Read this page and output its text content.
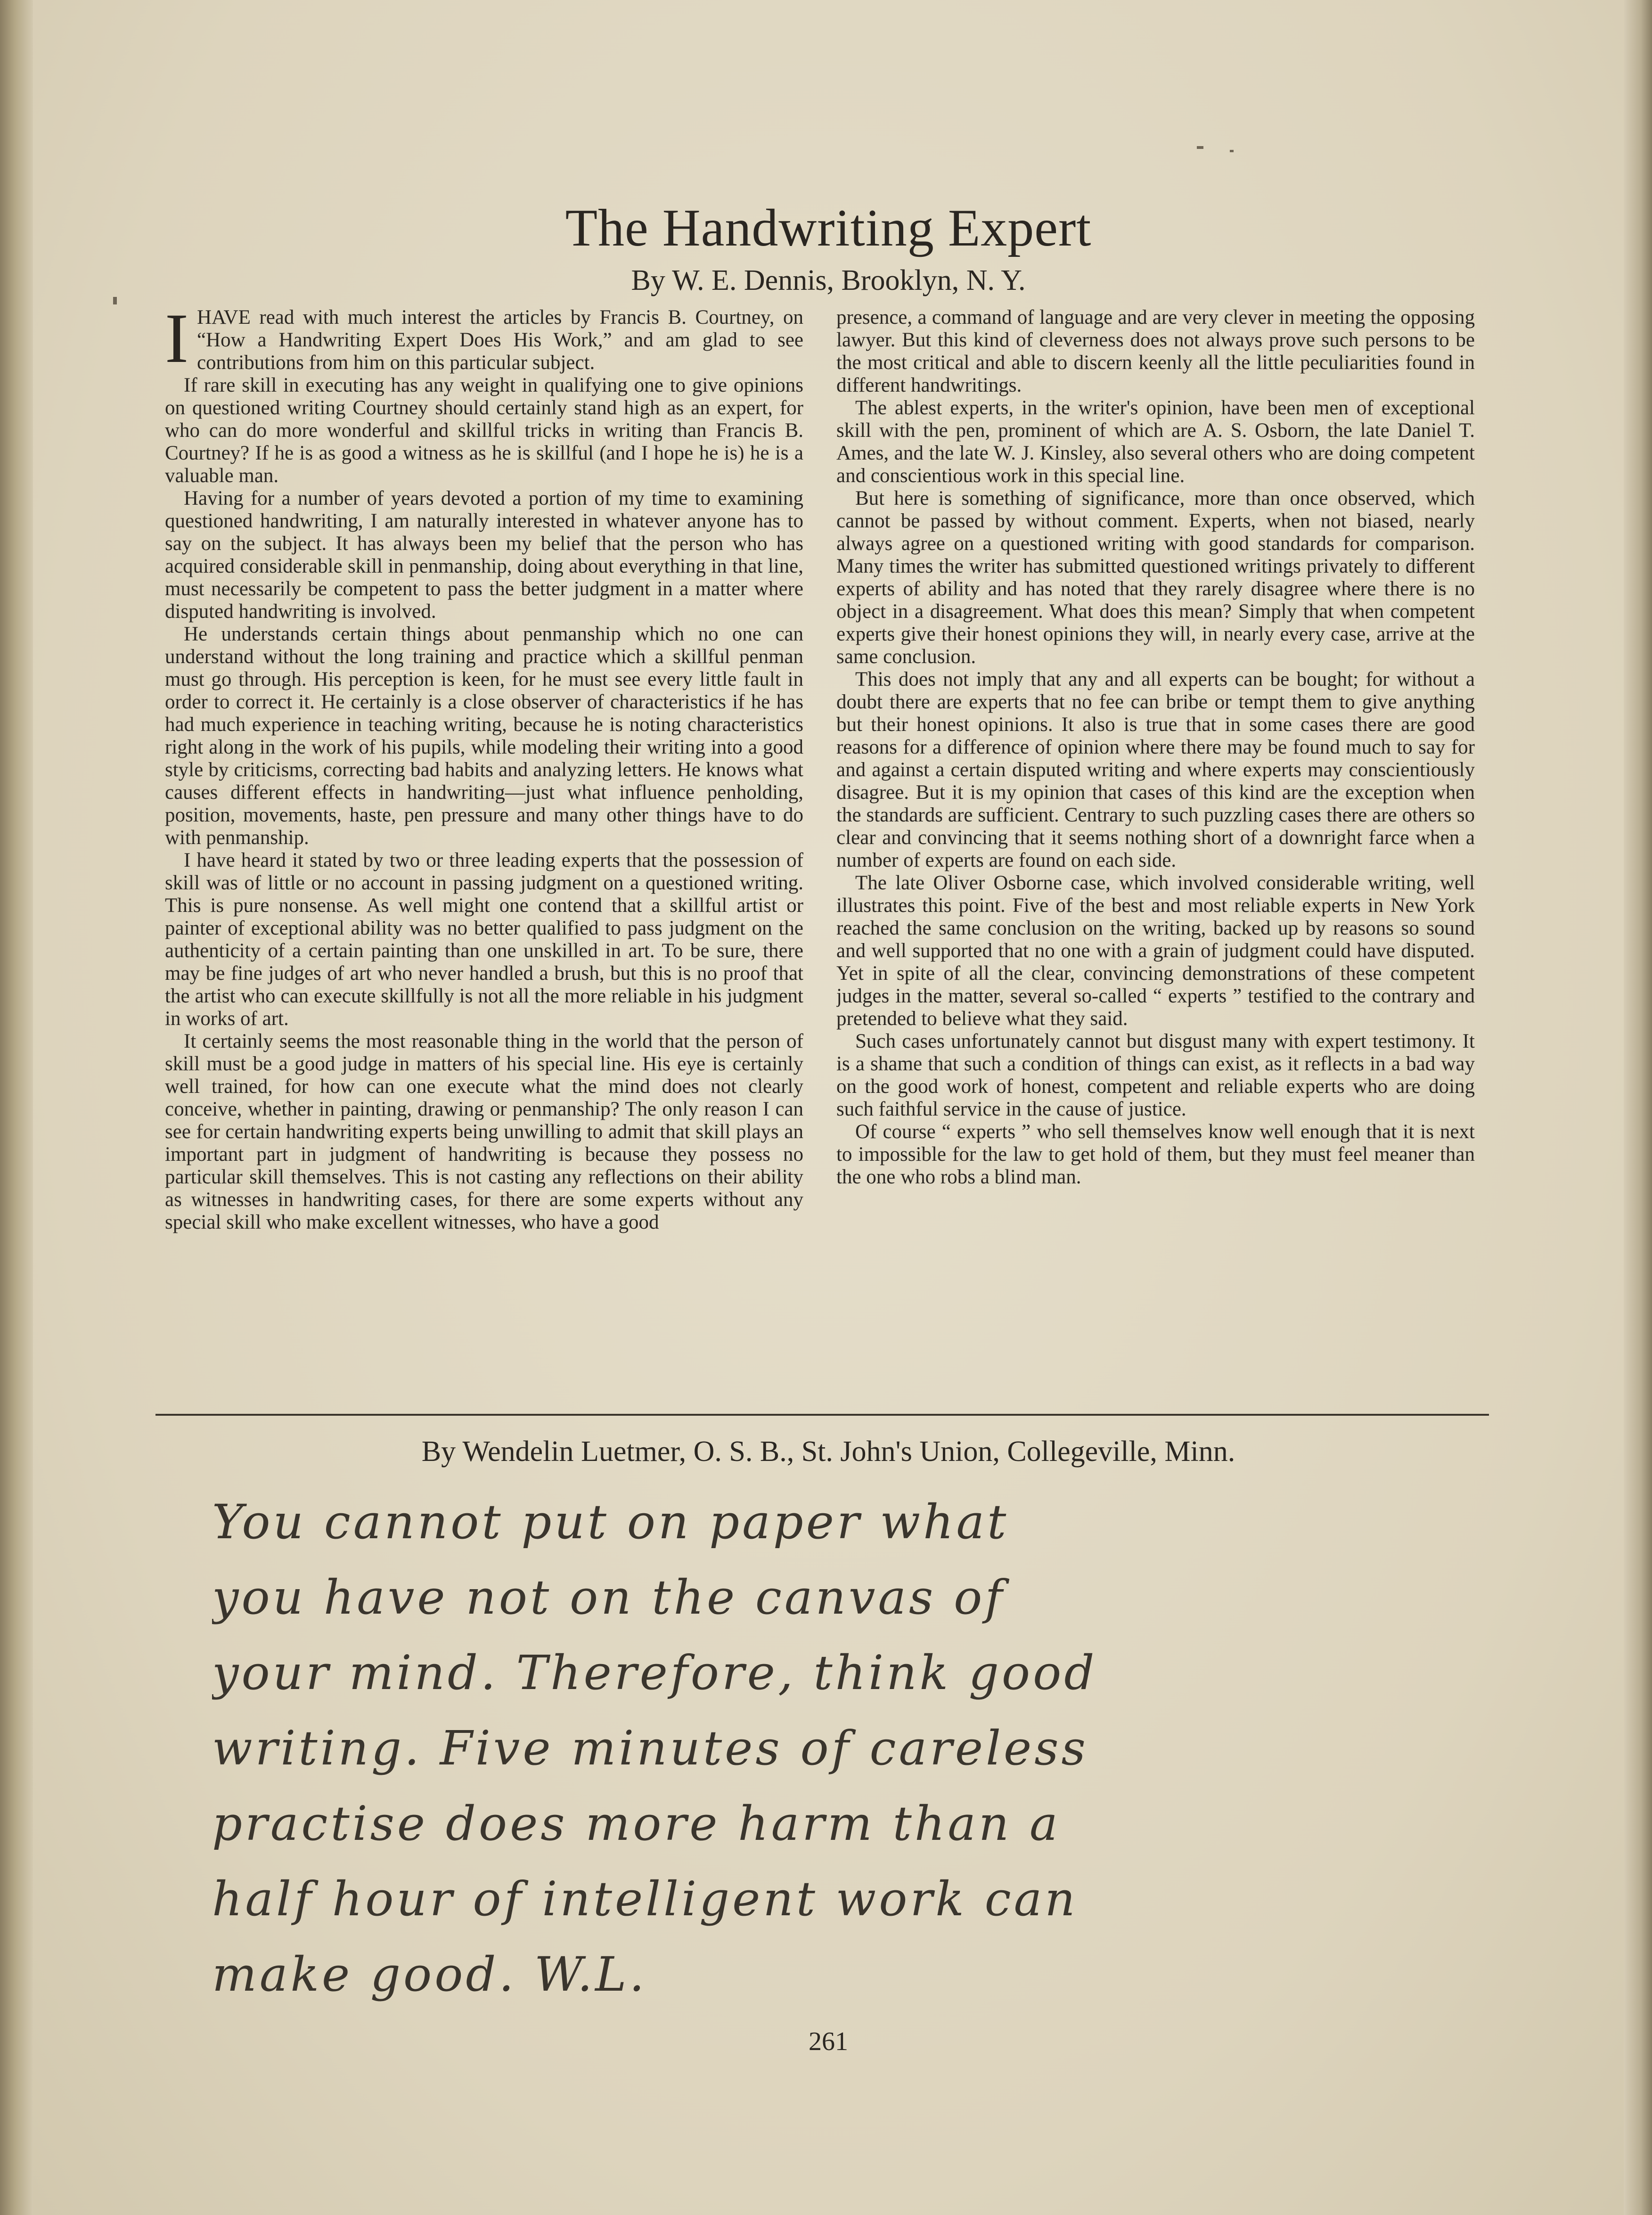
The Handwriting Expert
By W. E. Dennis, Brooklyn, N. Y.

IHAVE read with much interest the articles by Francis B. Courtney, on “How a Handwriting Expert Does His Work,” and am glad to see contributions from him on this particular subject.

If rare skill in executing has any weight in qualifying one to give opinions on questioned writing Courtney should certainly stand high as an expert, for who can do more wonderful and skillful tricks in writing than Francis B. Courtney? If he is as good a witness as he is skillful (and I hope he is) he is a valuable man.

Having for a number of years devoted a portion of my time to examining questioned handwriting, I am naturally interested in whatever anyone has to say on the subject. It has always been my belief that the person who has acquired considerable skill in penmanship, doing about everything in that line, must necessarily be competent to pass the better judgment in a matter where disputed handwriting is involved.

He understands certain things about penmanship which no one can understand without the long training and practice which a skillful penman must go through. His perception is keen, for he must see every little fault in order to correct it. He certainly is a close observer of characteristics if he has had much experience in teaching writing, because he is noting characteristics right along in the work of his pupils, while modeling their writing into a good style by criticisms, correcting bad habits and analyzing letters. He knows what causes different effects in handwriting—just what influence penholding, position, movements, haste, pen pressure and many other things have to do with penmanship.

I have heard it stated by two or three leading experts that the possession of skill was of little or no account in passing judgment on a questioned writing. This is pure nonsense. As well might one contend that a skillful artist or painter of exceptional ability was no better qualified to pass judgment on the authenticity of a certain painting than one unskilled in art. To be sure, there may be fine judges of art who never handled a brush, but this is no proof that the artist who can execute skillfully is not all the more reliable in his judgment in works of art.

It certainly seems the most reasonable thing in the world that the person of skill must be a good judge in matters of his special line. His eye is certainly well trained, for how can one execute what the mind does not clearly conceive, whether in painting, drawing or penmanship? The only reason I can see for certain handwriting experts being unwilling to admit that skill plays an important part in judgment of handwriting is because they possess no particular skill themselves. This is not casting any reflections on their ability as witnesses in handwriting cases, for there are some experts without any special skill who make excellent witnesses, who have a good

presence, a command of language and are very clever in meeting the opposing lawyer. But this kind of cleverness does not always prove such persons to be the most critical and able to discern keenly all the little peculiarities found in different handwritings.

The ablest experts, in the writer's opinion, have been men of exceptional skill with the pen, prominent of which are A. S. Osborn, the late Daniel T. Ames, and the late W. J. Kinsley, also several others who are doing competent and conscientious work in this special line.

But here is something of significance, more than once observed, which cannot be passed by without comment. Experts, when not biased, nearly always agree on a questioned writing with good standards for comparison. Many times the writer has submitted questioned writings privately to different experts of ability and has noted that they rarely disagree where there is no object in a disagreement. What does this mean? Simply that when competent experts give their honest opinions they will, in nearly every case, arrive at the same conclusion.

This does not imply that any and all experts can be bought; for without a doubt there are experts that no fee can bribe or tempt them to give anything but their honest opinions. It also is true that in some cases there are good reasons for a difference of opinion where there may be found much to say for and against a certain disputed writing and where experts may conscientiously disagree. But it is my opinion that cases of this kind are the exception when the standards are sufficient. Centrary to such puzzling cases there are others so clear and convincing that it seems nothing short of a downright farce when a number of experts are found on each side.

The late Oliver Osborne case, which involved considerable writing, well illustrates this point. Five of the best and most reliable experts in New York reached the same conclusion on the writing, backed up by reasons so sound and well supported that no one with a grain of judgment could have disputed. Yet in spite of all the clear, convincing demonstrations of these competent judges in the matter, several so-called “ experts ” testified to the contrary and pretended to believe what they said.

Such cases unfortunately cannot but disgust many with expert testimony. It is a shame that such a condition of things can exist, as it reflects in a bad way on the good work of honest, competent and reliable experts who are doing such faithful service in the cause of justice.

Of course “ experts ” who sell themselves know well enough that it is next to impossible for the law to get hold of them, but they must feel meaner than the one who robs a blind man.

By Wendelin Luetmer, O. S. B., St. John's Union, Collegeville, Minn.
You cannot put on paper what
you have not on the canvas of
your mind. Therefore, think good
writing. Five minutes of careless
practise does more harm than a
half hour of intelligent work can
make good. W.L.
261
